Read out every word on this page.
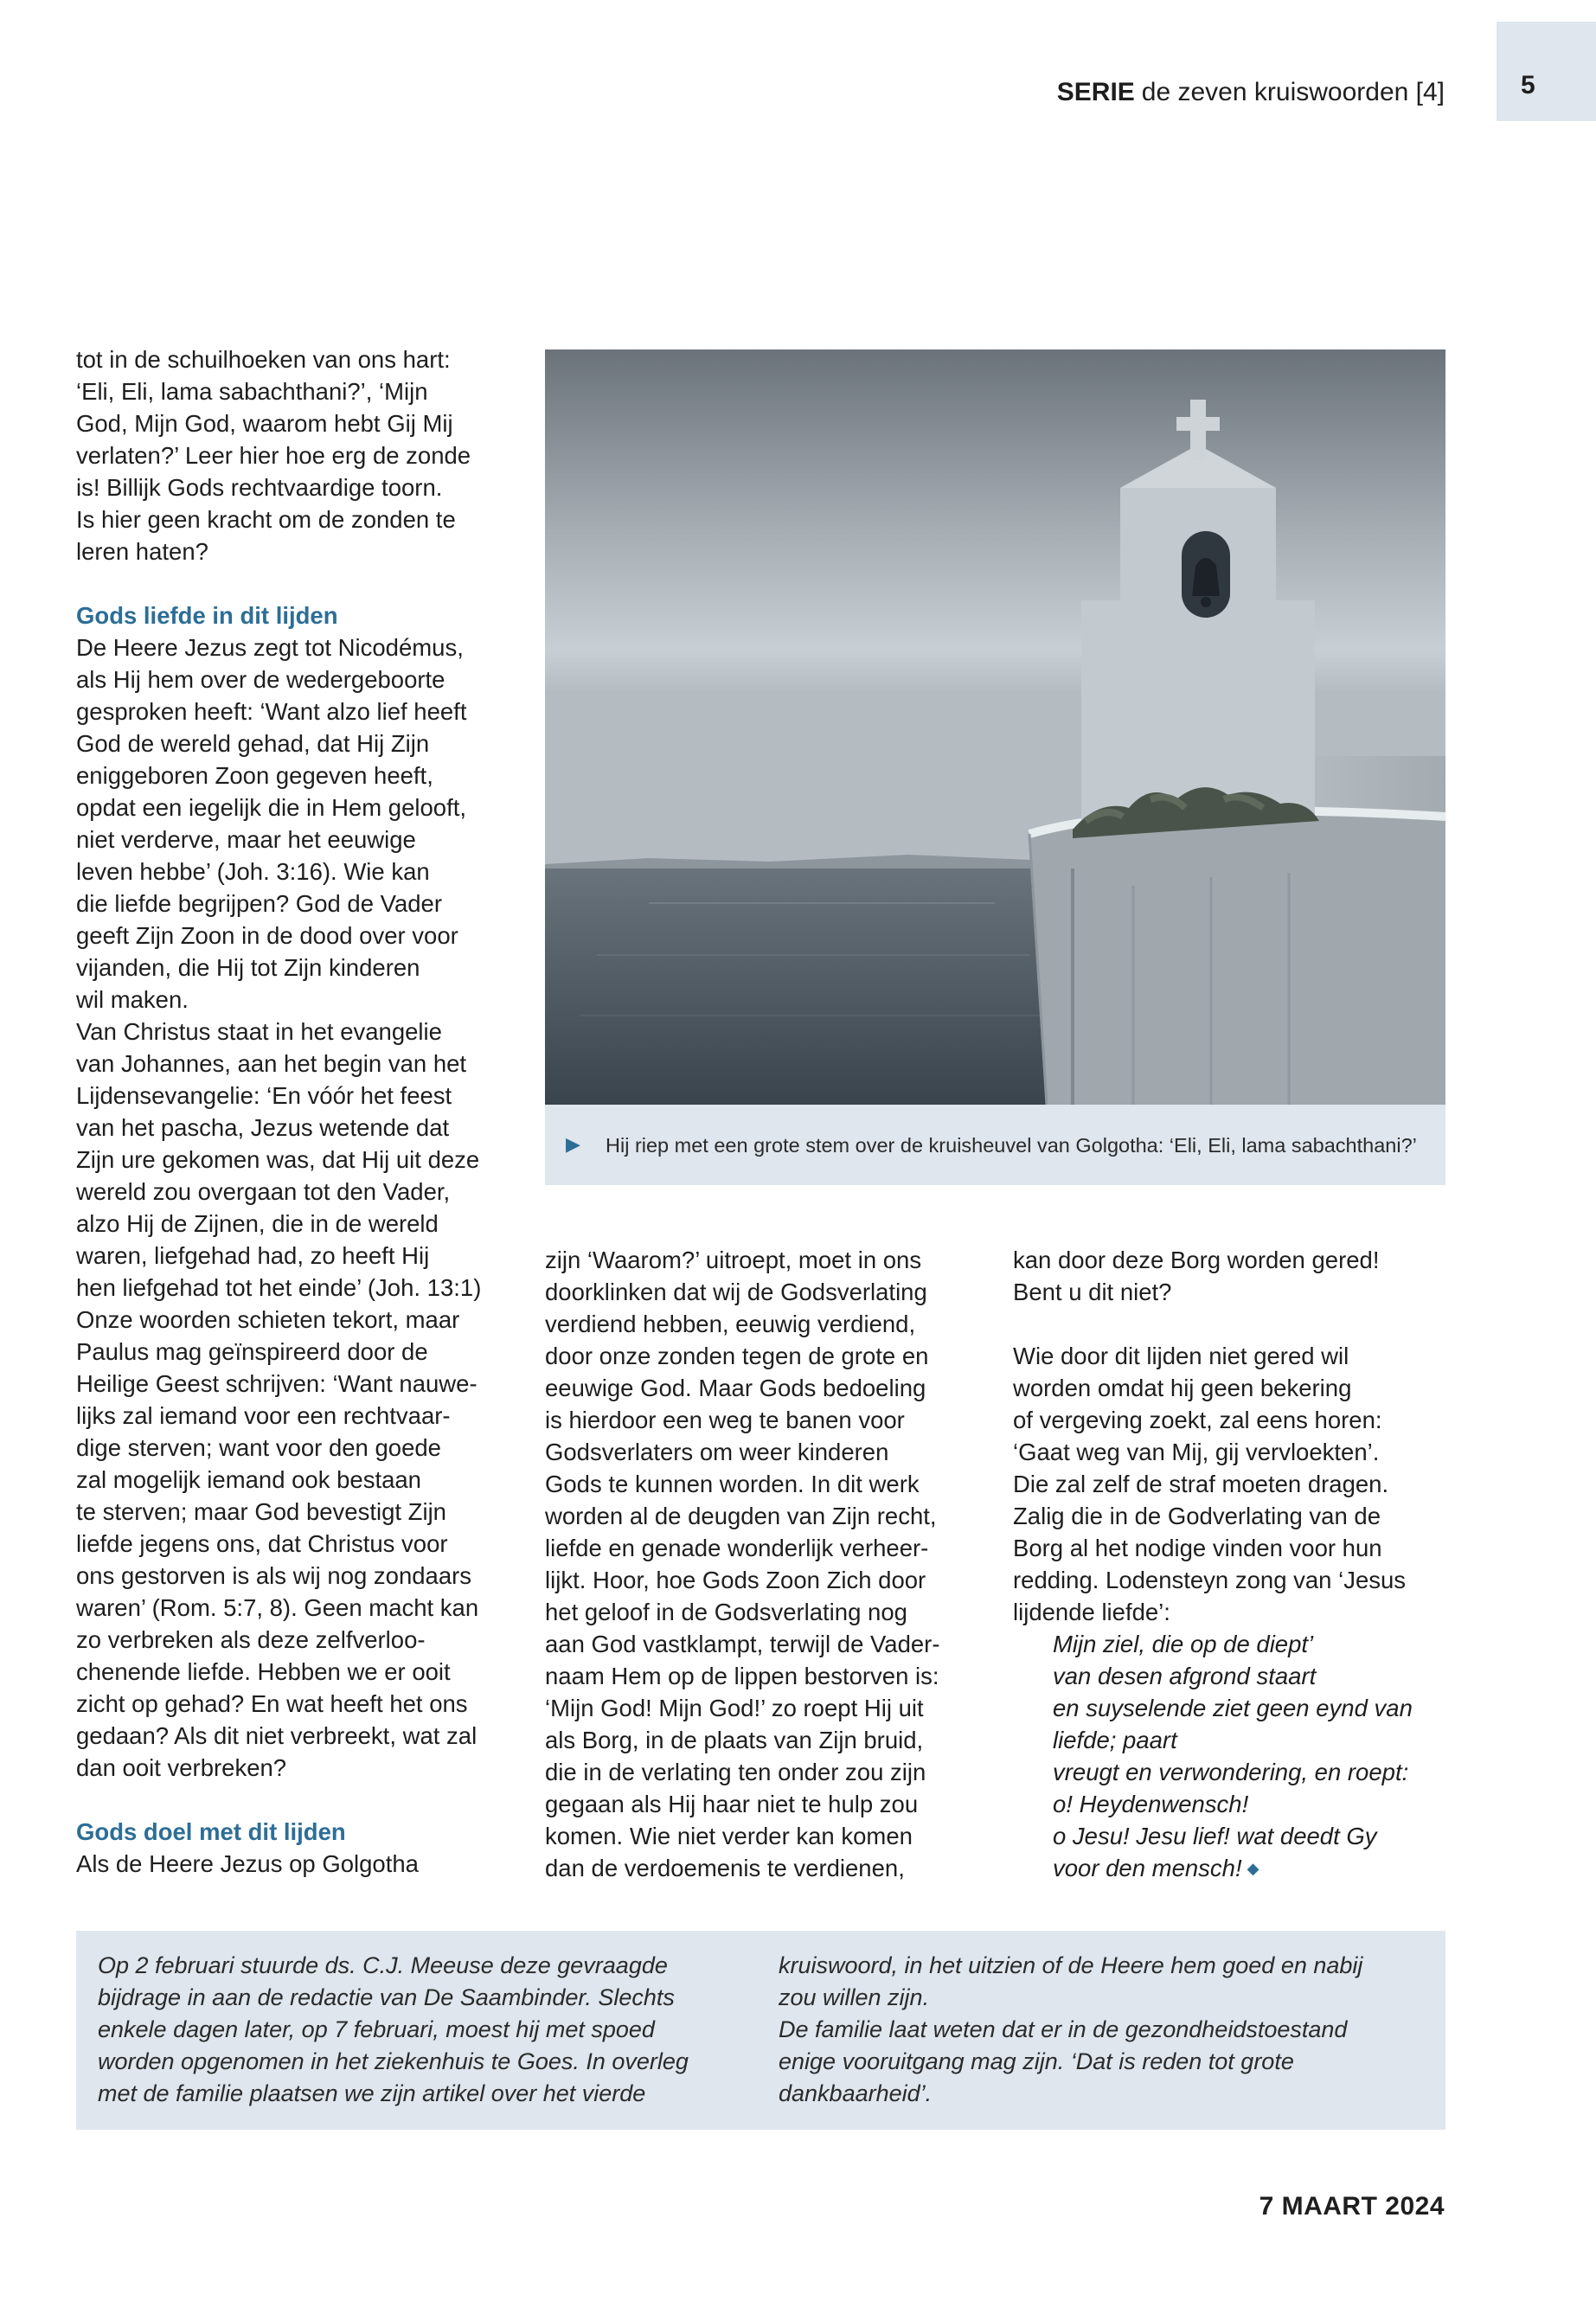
5
SERIE de zeven kruiswoorden [4]

tot in de schuilhoeken van ons hart:

‘Eli, Eli, lama sabachthani?’, ‘Mijn

God, Mijn God, waarom hebt Gij Mij

verlaten?’ Leer hier hoe erg de zonde

is! Billijk Gods rechtvaardige toorn.

Is hier geen kracht om de zonden te

leren haten?

Gods liefde in dit lijden

De Heere Jezus zegt tot Nicodémus,

als Hij hem over de wedergeboorte

gesproken heeft: ‘Want alzo lief heeft

God de wereld gehad, dat Hij Zijn

eniggeboren Zoon gegeven heeft,

opdat een iegelijk die in Hem gelooft,

niet verderve, maar het eeuwige

leven hebbe’ (Joh. 3:16). Wie kan

die liefde begrijpen? God de Vader

geeft Zijn Zoon in de dood over voor

vijanden, die Hij tot Zijn kinderen

wil maken.

Van Christus staat in het evangelie

van Johannes, aan het begin van het

Lijdensevangelie: ‘En vóór het feest

van het pascha, Jezus wetende dat

Zijn ure gekomen was, dat Hij uit deze

wereld zou overgaan tot den Vader,

alzo Hij de Zijnen, die in de wereld

waren, liefgehad had, zo heeft Hij

hen liefgehad tot het einde’ (Joh. 13:1)

Onze woorden schieten tekort, maar

Paulus mag geïnspireerd door de

Heilige Geest schrijven: ‘Want nauwe-

lijks zal iemand voor een rechtvaar-

dige sterven; want voor den goede

zal mogelijk iemand ook bestaan

te sterven; maar God bevestigt Zijn

liefde jegens ons, dat Christus voor

ons gestorven is als wij nog zondaars

waren’ (Rom. 5:7, 8). Geen macht kan

zo verbreken als deze zelfverloo-

chenende liefde. Hebben we er ooit

zicht op gehad? En wat heeft het ons

gedaan? Als dit niet verbreekt, wat zal

dan ooit verbreken?

Gods doel met dit lijden

Als de Heere Jezus op Golgotha

▶ Hij riep met een grote stem over de kruisheuvel van Golgotha: ‘Eli, Eli, lama sabachthani?’

zijn ‘Waarom?’ uitroept, moet in ons

doorklinken dat wij de Godsverlating

verdiend hebben, eeuwig verdiend,

door onze zonden tegen de grote en

eeuwige God. Maar Gods bedoeling

is hierdoor een weg te banen voor

Godsverlaters om weer kinderen

Gods te kunnen worden. In dit werk

worden al de deugden van Zijn recht,

liefde en genade wonderlijk verheer-

lijkt. Hoor, hoe Gods Zoon Zich door

het geloof in de Godsverlating nog

aan God vastklampt, terwijl de Vader-

naam Hem op de lippen bestorven is:

‘Mijn God! Mijn God!’ zo roept Hij uit

als Borg, in de plaats van Zijn bruid,

die in de verlating ten onder zou zijn

gegaan als Hij haar niet te hulp zou

komen. Wie niet verder kan komen

dan de verdoemenis te verdienen,

kan door deze Borg worden gered!

Bent u dit niet?

Wie door dit lijden niet gered wil

worden omdat hij geen bekering

of vergeving zoekt, zal eens horen:

‘Gaat weg van Mij, gij vervloekten’.

Die zal zelf de straf moeten dragen.

Zalig die in de Godverlating van de

Borg al het nodige vinden voor hun

redding. Lodensteyn zong van ‘Jesus

lijdende liefde’:

Mijn ziel, die op de diept’

van desen afgrond staart

en suyselende ziet geen eynd van

liefde; paart

vreugt en verwondering, en roept:

o! Heydenwensch!

o Jesu! Jesu lief! wat deedt Gy

voor den mensch! ◆

Op 2 februari stuurde ds. C.J. Meeuse deze gevraagde

bijdrage in aan de redactie van De Saambinder. Slechts

enkele dagen later, op 7 februari, moest hij met spoed

worden opgenomen in het ziekenhuis te Goes. In overleg

met de familie plaatsen we zijn artikel over het vierde

kruiswoord, in het uitzien of de Heere hem goed en nabij

zou willen zijn.

De familie laat weten dat er in de gezondheidstoestand

enige vooruitgang mag zijn. ‘Dat is reden tot grote

dankbaarheid’.

7 MAART 2024
